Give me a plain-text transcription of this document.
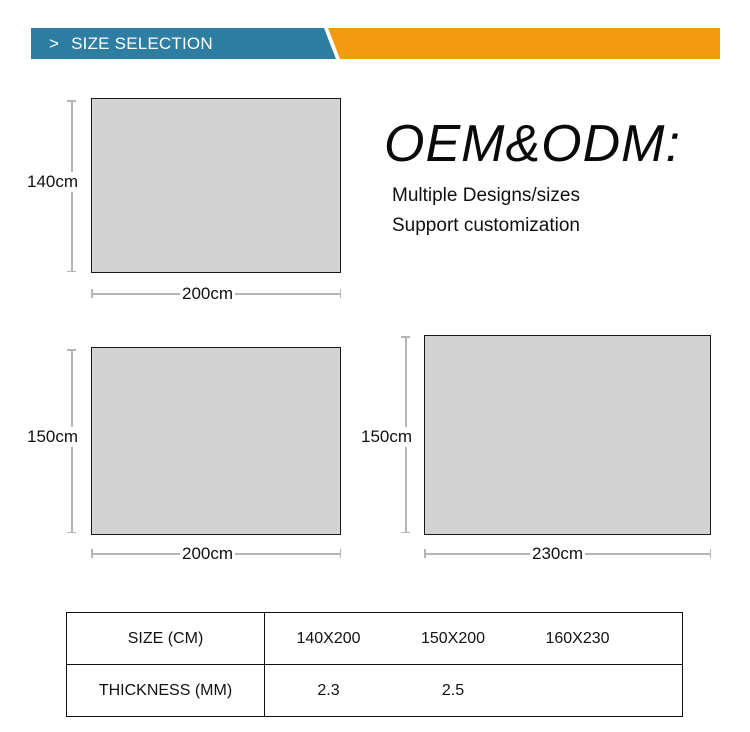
> SIZE SELECTION
140cm
200cm
OEM&ODM:
Multiple Designs/sizes
Support customization
150cm
200cm
150cm
230cm
SIZE (CM)	140X200	150X200	160X230	
THICKNESS (MM)	2.3	2.5		
